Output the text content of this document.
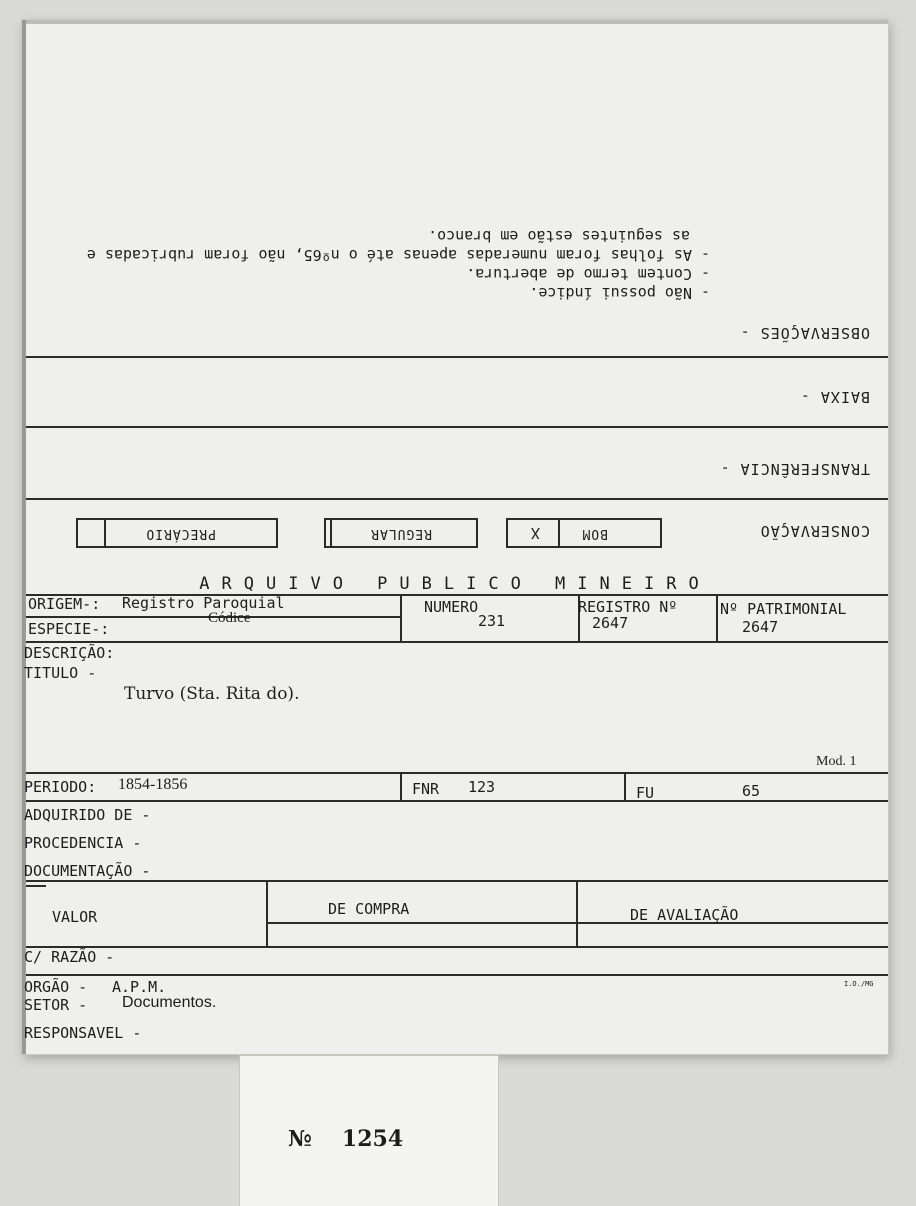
CONSERVAÇÃO
BOM
X
REGULAR
PRECÁRIO
TRANSFERÊNCIA -
BAIXA -
OBSERVAÇÕES -
- Não possui índice.
- Contem termo de abertura.
- As folhas foram numeradas apenas até o nº65, não foram rubricadas e
as seguintes estão em branco.
ARQUIVO PUBLICO MINEIRO
ORIGEM-: Registro Paroquial
ESPECIE-:
Códice
NUMERO
231
REGISTRO Nº
2647
Nº PATRIMONIAL
2647
DESCRIÇÃO:
TITULO -
Turvo (Sta. Rita do).
Mod. 1
PERIODO: 1854-1856	FNR 123	FU	65
ADQUIRIDO DE -
PROCEDENCIA -
DOCUMENTAÇÃO -
VALOR	DE COMPRA	DE AVALIAÇÃO
C/ RAZÃO -
ORGÃO - A.P.M.	I.O./MG
SETOR - Documentos.
RESPONSAVEL -
№ 1254
